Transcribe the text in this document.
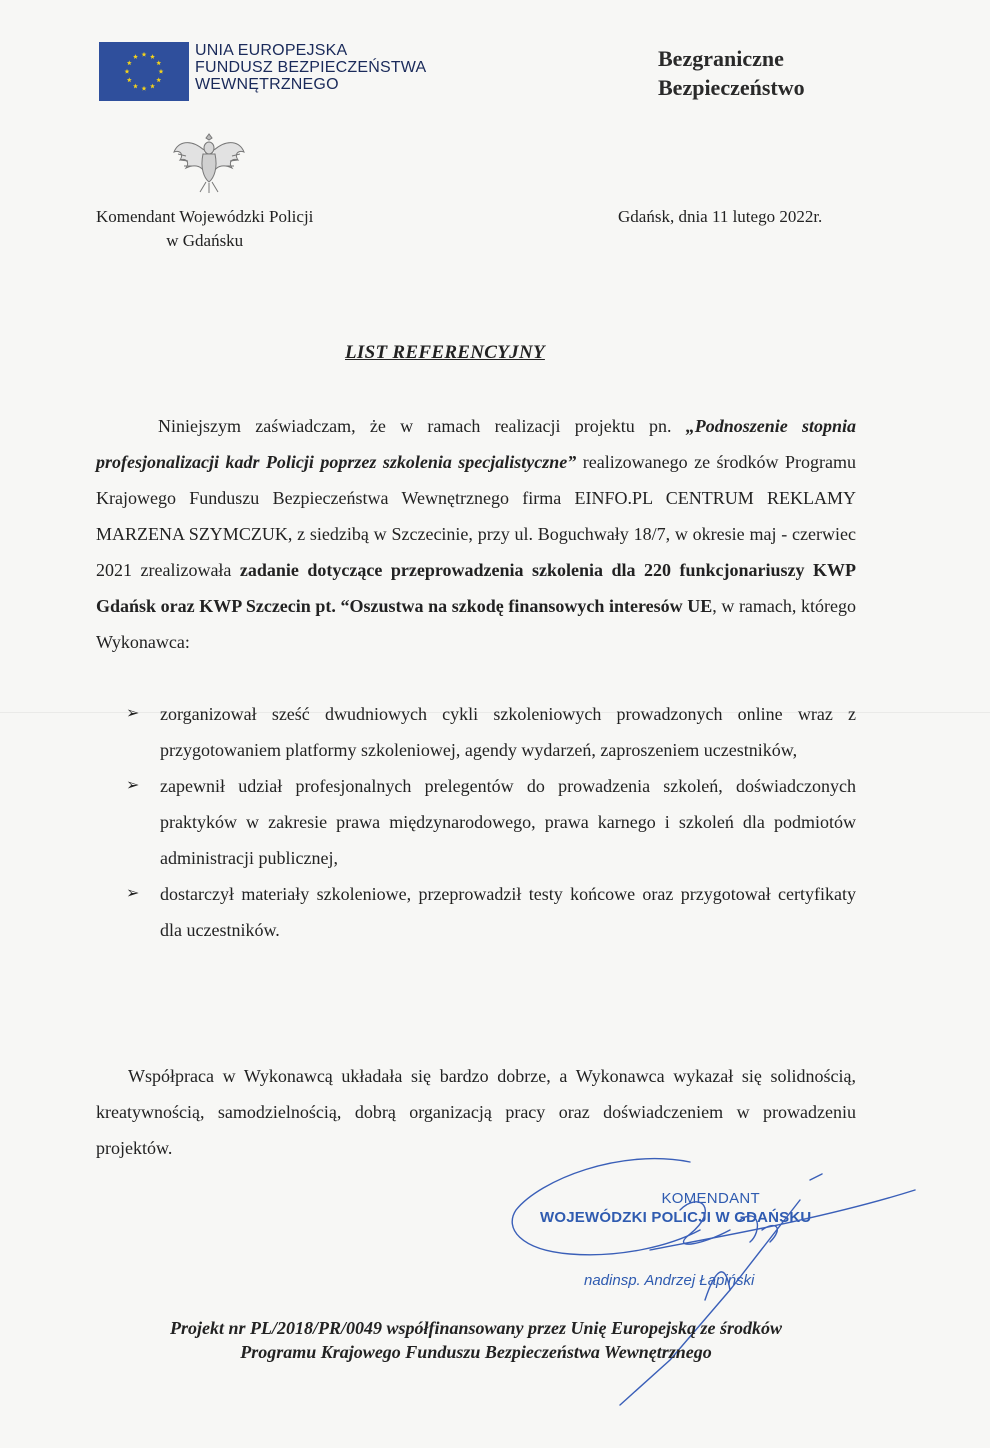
UNIA EUROPEJSKA
FUNDUSZ BEZPIECZEŃSTWA
WEWNĘTRZNEGO
Bezgraniczne
Bezpieczeństwo
Komendant Wojewódzki Policji
w Gdańsku
Gdańsk, dnia 11 lutego 2022r.
LIST REFERENCYJNY

Niniejszym zaświadczam, że w ramach realizacji projektu pn. „Podnoszenie stopnia profesjonalizacji kadr Policji poprzez szkolenia specjalistyczne” realizowanego ze środków Programu Krajowego Funduszu Bezpieczeństwa Wewnętrznego firma EINFO.PL CENTRUM REKLAMY MARZENA SZYMCZUK, z siedzibą w Szczecinie, przy ul. Boguchwały 18/7, w okresie maj - czerwiec 2021 zrealizowała zadanie dotyczące przeprowadzenia szkolenia dla 220 funkcjonariuszy KWP Gdańsk oraz KWP Szczecin pt. “Oszustwa na szkodę finansowych interesów UE, w ramach, którego Wykonawca:

➢	zorganizował sześć dwudniowych cykli szkoleniowych prowadzonych online wraz z przygotowaniem platformy szkoleniowej, agendy wydarzeń, zaproszeniem uczestników,
➢	zapewnił udział profesjonalnych prelegentów do prowadzenia szkoleń, doświadczonych praktyków w zakresie prawa międzynarodowego, prawa karnego i szkoleń dla podmiotów administracji publicznej,
➢	dostarczył materiały szkoleniowe, przeprowadził testy końcowe oraz przygotował certyfikaty dla uczestników.

Współpraca w Wykonawcą układała się bardzo dobrze, a Wykonawca wykazał się solidnością, kreatywnością, samodzielnością, dobrą organizacją pracy oraz doświadczeniem w prowadzeniu projektów.

KOMENDANT
WOJEWÓDZKI POLICJI W GDAŃSKU
nadinsp. Andrzej Łapiński
Projekt nr PL/2018/PR/0049 współfinansowany przez Unię Europejską ze środków
Programu Krajowego Funduszu Bezpieczeństwa Wewnętrznego
